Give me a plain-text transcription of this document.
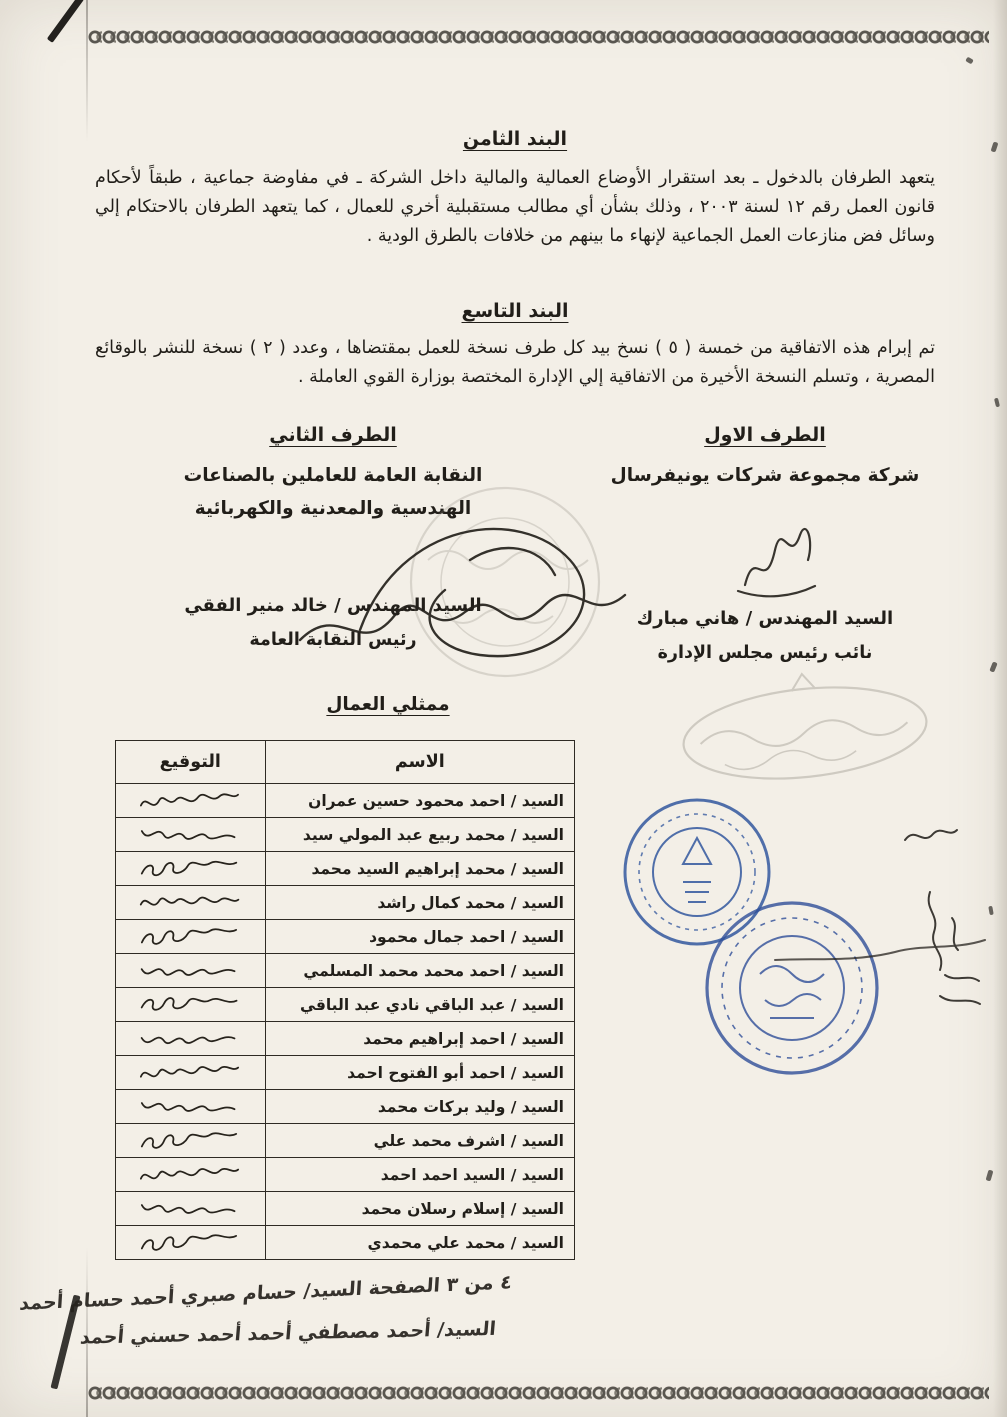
البند الثامن

يتعهد الطرفان بالدخول ـ بعد استقرار الأوضاع العمالية والمالية داخل الشركة ـ في مفاوضة جماعية ، طبقاً لأحكام قانون العمل رقم ١٢ لسنة ٢٠٠٣ ، وذلك بشأن أي مطالب مستقبلية أخري للعمال ، كما يتعهد الطرفان بالاحتكام إلي وسائل فض منازعات العمل الجماعية لإنهاء ما بينهم من خلافات بالطرق الودية .

البند التاسع

تم إبرام هذه الاتفاقية من خمسة ( ٥ ) نسخ بيد كل طرف نسخة للعمل بمقتضاها ، وعدد ( ٢ ) نسخة للنشر بالوقائع المصرية ، وتسلم النسخة الأخيرة من الاتفاقية إلي الإدارة المختصة بوزارة القوي العاملة .

الطرف الاول
شركة مجموعة شركات يونيفرسال
السيد المهندس / هاني مبارك
نائب رئيس مجلس الإدارة
الطرف الثاني
النقابة العامة للعاملين بالصناعات
الهندسية والمعدنية والكهربائية
السيد المهندس / خالد منير الفقي
رئيس النقابة العامة
ممثلي العمال
الاسم	التوقيع
السيد / احمد محمود حسين عمران	

السيد / محمد ربيع عبد المولي سيد	

السيد / محمد إبراهيم السيد محمد	

السيد / محمد كمال راشد	

السيد / احمد جمال محمود	

السيد / احمد محمد محمد المسلمي	

السيد / عبد الباقي نادي عبد الباقي	

السيد / احمد إبراهيم محمد	

السيد / احمد أبو الفتوح احمد	

السيد / وليد بركات محمد	

السيد / اشرف محمد علي	

السيد / السيد احمد احمد	

السيد / إسلام رسلان محمد	

السيد / محمد علي محمدي	
٤ من ٣ الصفحة السيد/ حسام صبري أحمد حسام أحمد
السيد/ أحمد مصطفي أحمد أحمد حسني أحمد
